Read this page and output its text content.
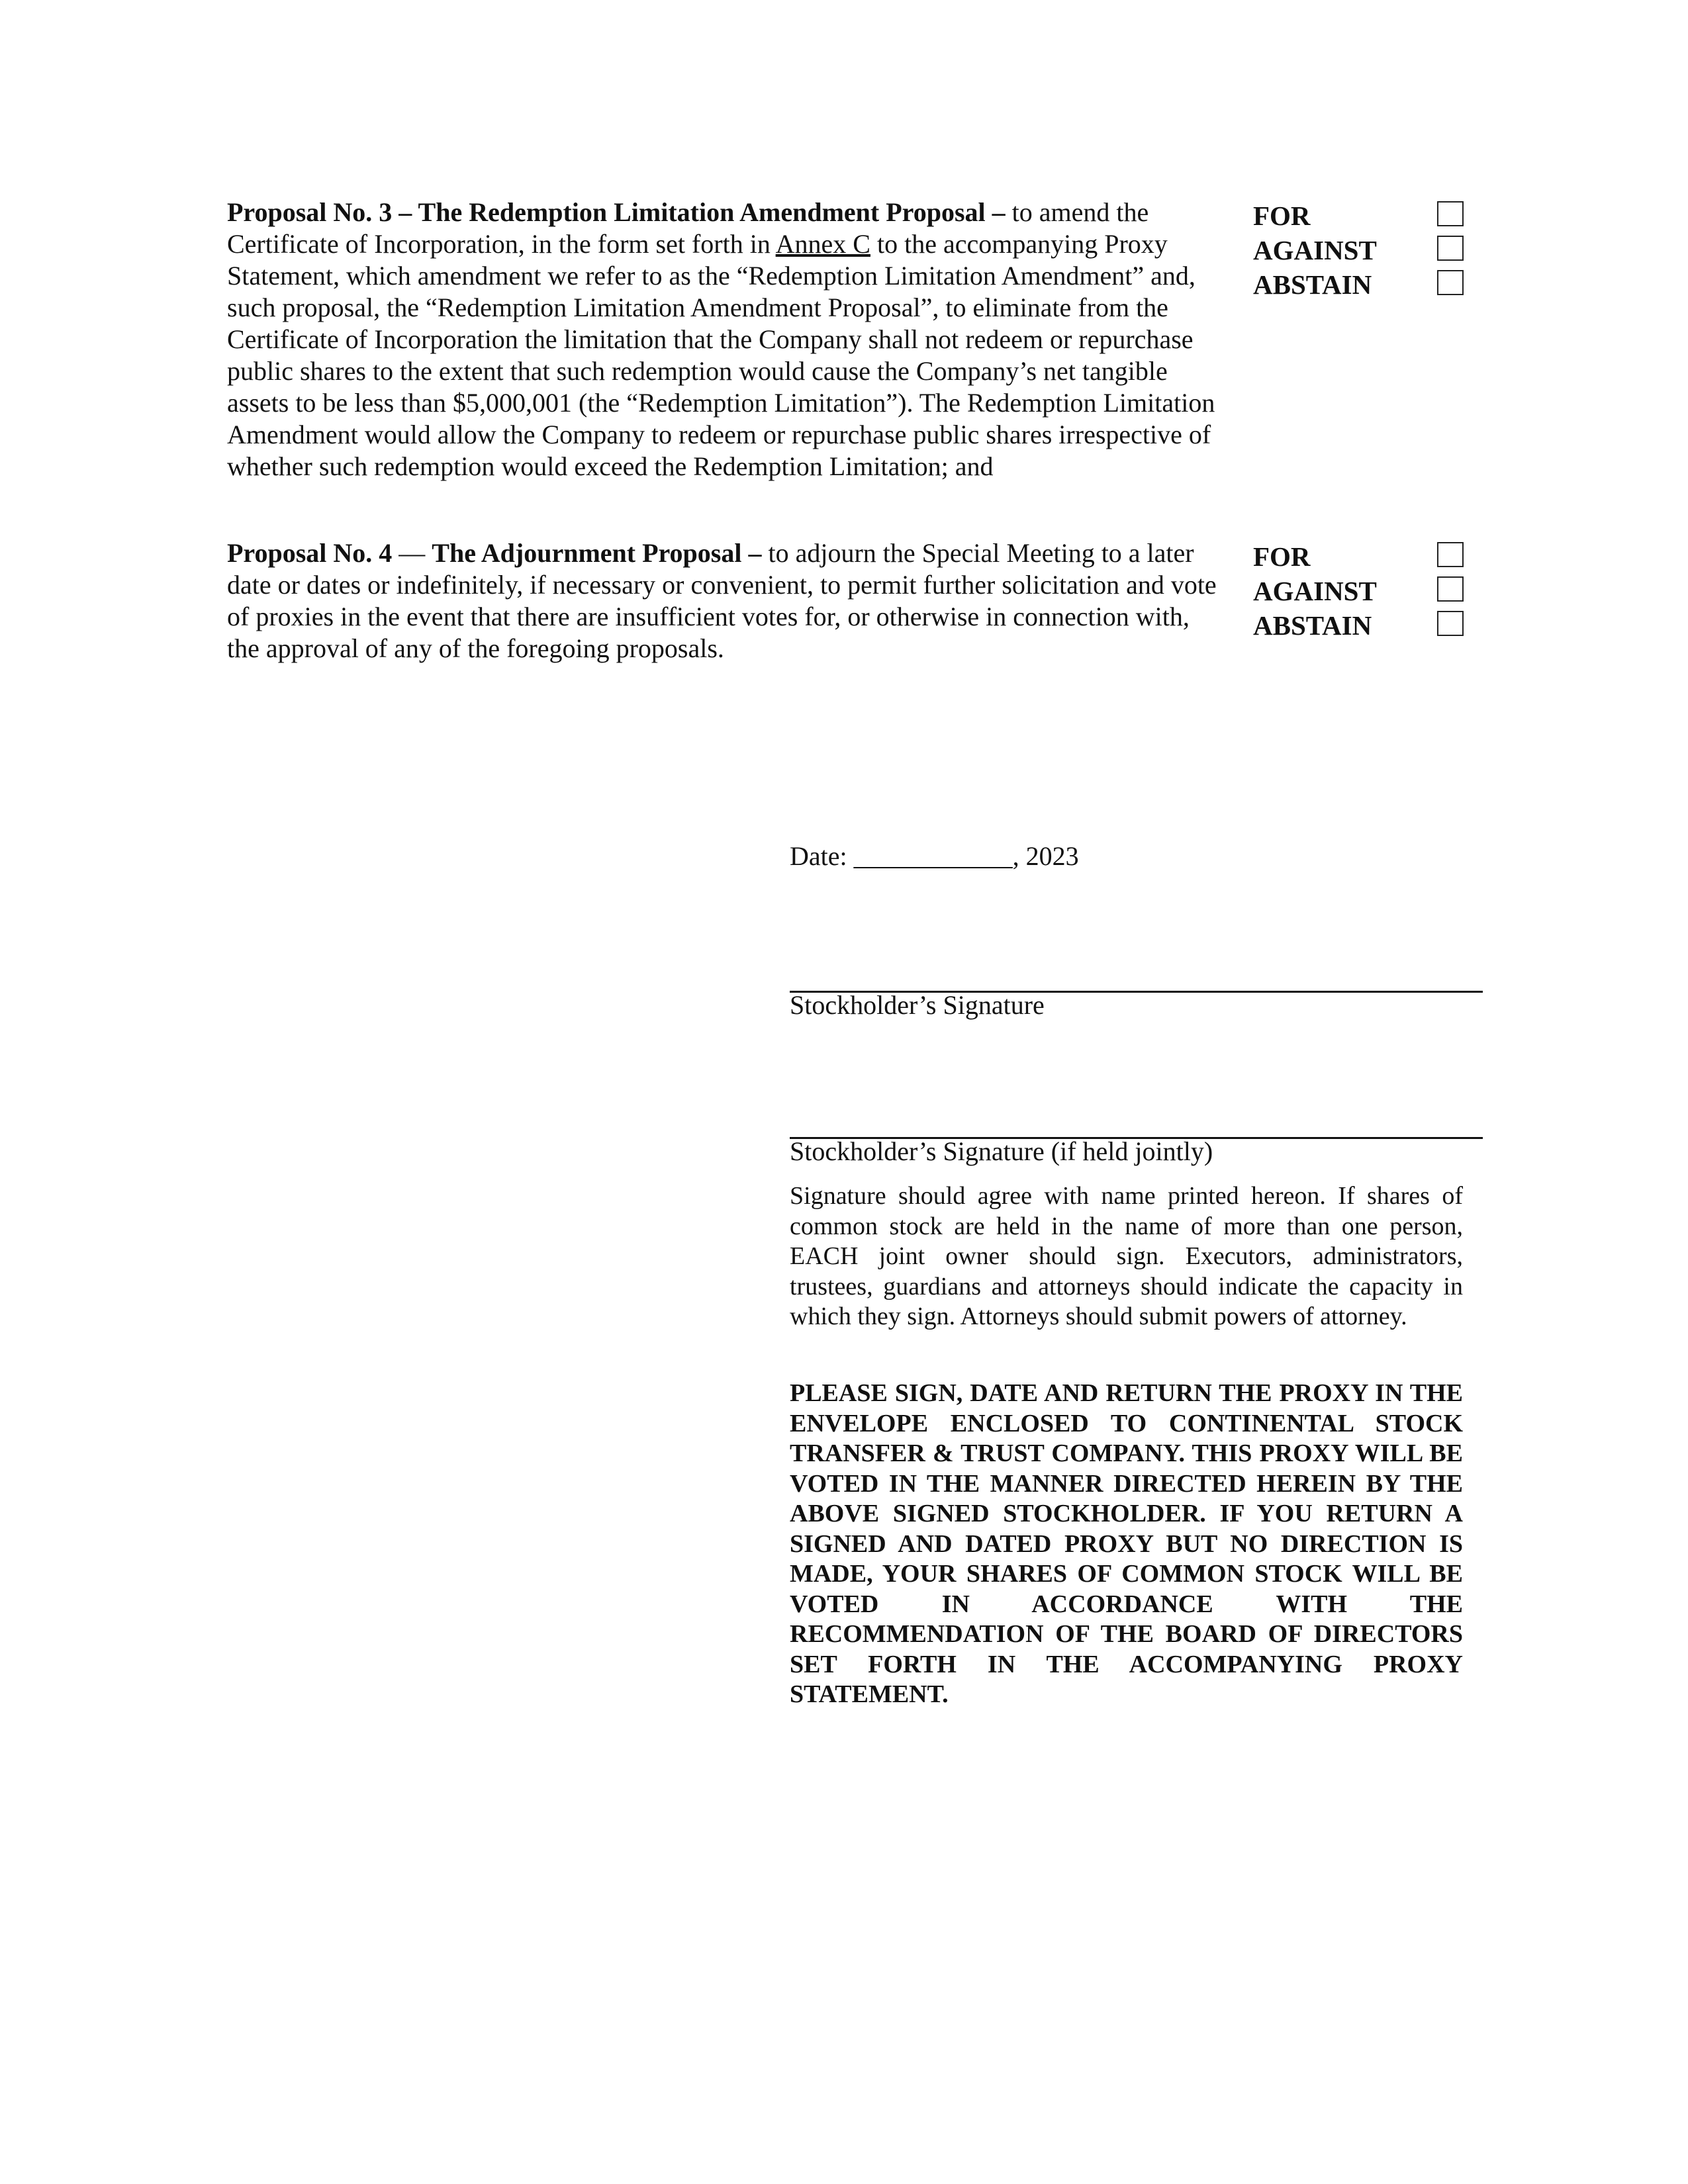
Proposal No. 3 – The Redemption Limitation Amendment Proposal – to amend the Certificate of Incorporation, in the form set forth in Annex C to the accompanying Proxy Statement, which amendment we refer to as the “Redemption Limitation Amendment” and, such proposal, the “Redemption Limitation Amendment Proposal”, to eliminate from the Certificate of Incorporation the limitation that the Company shall not redeem or repurchase public shares to the extent that such redemption would cause the Company’s net tangible assets to be less than $5,000,001 (the “Redemption Limitation”). The Redemption Limitation Amendment would allow the Company to redeem or repurchase public shares irrespective of whether such redemption would exceed the Redemption Limitation; and
FOR
AGAINST
ABSTAIN
Proposal No. 4 — The Adjournment Proposal – to adjourn the Special Meeting to a later date or dates or indefinitely, if necessary or convenient, to permit further solicitation and vote of proxies in the event that there are insufficient votes for, or otherwise in connection with, the approval of any of the foregoing proposals.
FOR
AGAINST
ABSTAIN
Date: ____________, 2023
Stockholder’s Signature
Stockholder’s Signature (if held jointly)
Signature should agree with name printed hereon. If shares of common stock are held in the name of more than one person, EACH joint owner should sign. Executors, administrators, trustees, guardians and attorneys should indicate the capacity in which they sign. Attorneys should submit powers of attorney.
PLEASE SIGN, DATE AND RETURN THE PROXY IN THE ENVELOPE ENCLOSED TO CONTINENTAL STOCK TRANSFER & TRUST COMPANY. THIS PROXY WILL BE VOTED IN THE MANNER DIRECTED HEREIN BY THE ABOVE SIGNED STOCKHOLDER. IF YOU RETURN A SIGNED AND DATED PROXY BUT NO DIRECTION IS MADE, YOUR SHARES OF COMMON STOCK WILL BE VOTED IN ACCORDANCE WITH THE RECOMMENDATION OF THE BOARD OF DIRECTORS SET FORTH IN THE ACCOMPANYING PROXY STATEMENT.
